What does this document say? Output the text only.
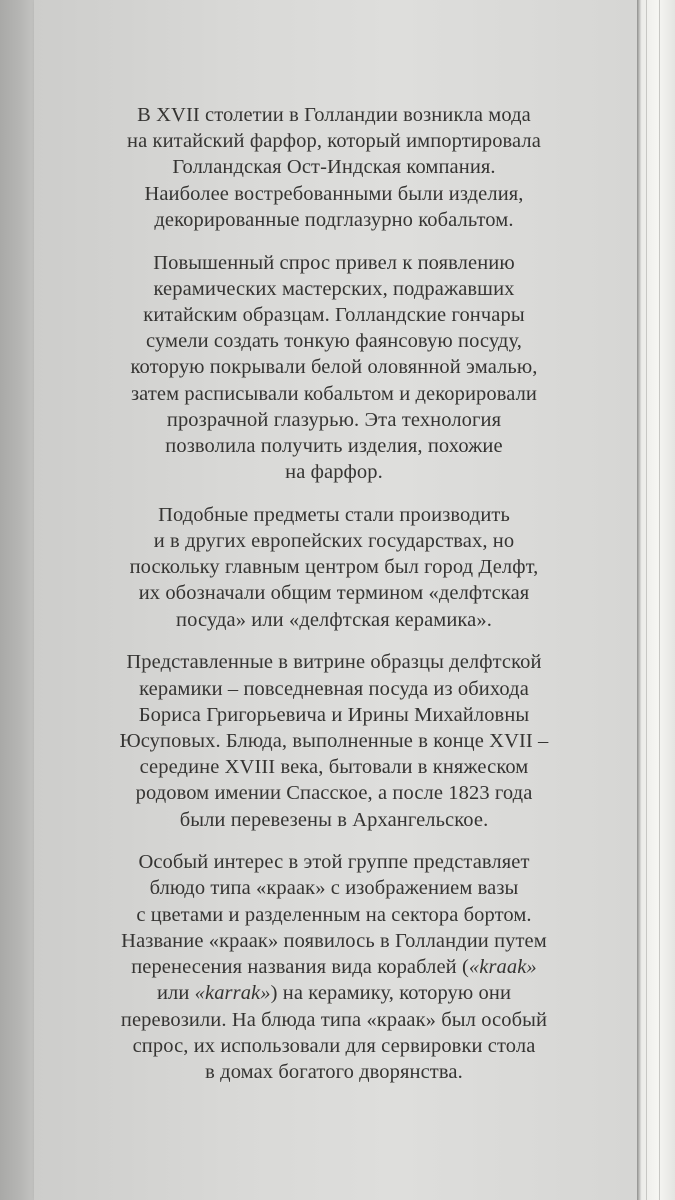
В XVII столетии в Голландии возникла мода
на китайский фарфор, который импортировала
Голландская Ост-Индская компания.
Наиболее востребованными были изделия,
декорированные подглазурно кобальтом.

Повышенный спрос привел к появлению
керамических мастерских, подражавших
китайским образцам. Голландские гончары
сумели создать тонкую фаянсовую посуду,
которую покрывали белой оловянной эмалью,
затем расписывали кобальтом и декорировали
прозрачной глазурью. Эта технология
позволила получить изделия, похожие
на фарфор.

Подобные предметы стали производить
и в других европейских государствах, но
поскольку главным центром был город Делфт,
их обозначали общим термином «делфтская
посуда» или «делфтская керамика».

Представленные в витрине образцы делфтской
керамики – повседневная посуда из обихода
Бориса Григорьевича и Ирины Михайловны
Юсуповых. Блюда, выполненные в конце XVII –
середине XVIII века, бытовали в княжеском
родовом имении Спасское, а после 1823 года
были перевезены в Архангельское.

Особый интерес в этой группе представляет
блюдо типа «краак» с изображением вазы
с цветами и разделенным на сектора бортом.
Название «краак» появилось в Голландии путем
перенесения названия вида кораблей («kraak»
или «karrak») на керамику, которую они
перевозили. На блюда типа «краак» был особый
спрос, их использовали для сервировки стола
в домах богатого дворянства.
